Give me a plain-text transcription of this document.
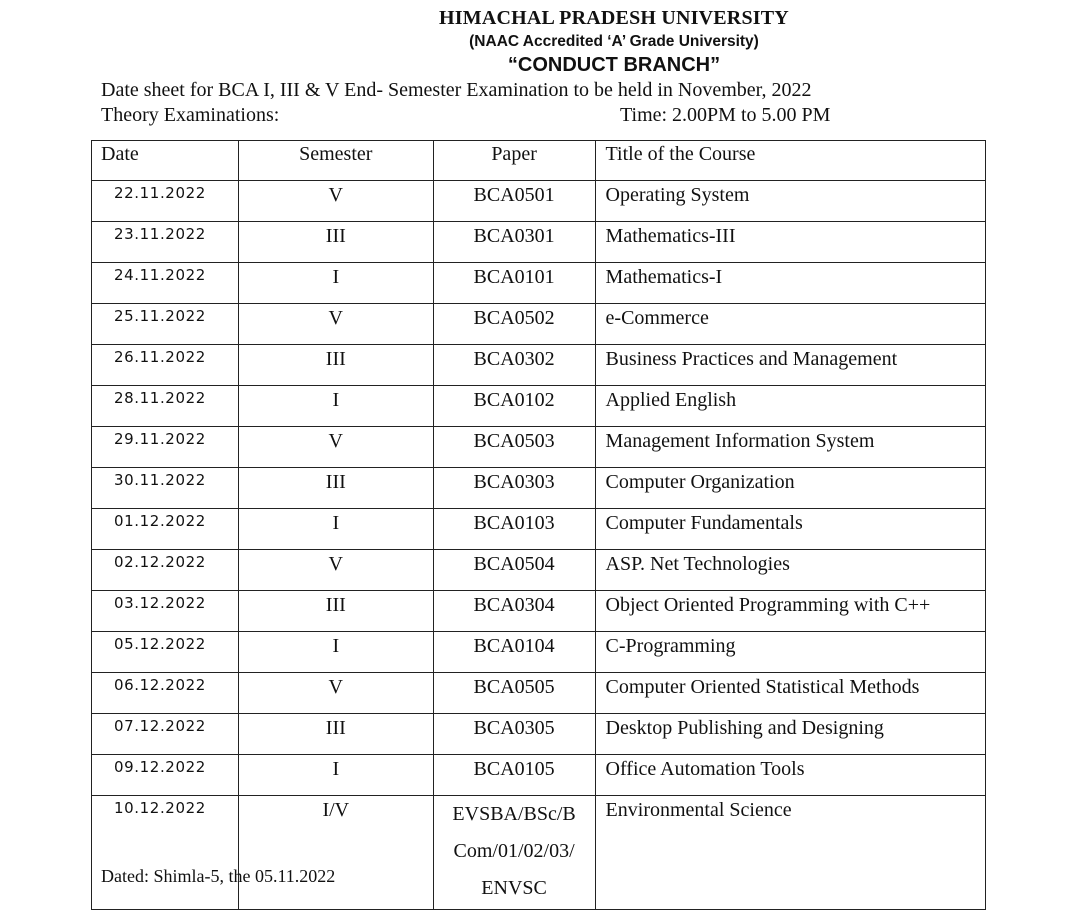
HIMACHAL PRADESH UNIVERSITY
(NAAC Accredited ‘A’ Grade University)
“CONDUCT BRANCH”
Date sheet for BCA I, III & V End- Semester Examination to be held in November, 2022
Theory Examinations:	Time: 2.00PM to 5.00 PM
Date	Semester	Paper	Title of the Course
22.11.2022	V	BCA0501	Operating System
23.11.2022	III	BCA0301	Mathematics-III
24.11.2022	I	BCA0101	Mathematics-I
25.11.2022	V	BCA0502	e-Commerce
26.11.2022	III	BCA0302	Business Practices and Management
28.11.2022	I	BCA0102	Applied English
29.11.2022	V	BCA0503	Management Information System
30.11.2022	III	BCA0303	Computer Organization
01.12.2022	I	BCA0103	Computer Fundamentals
02.12.2022	V	BCA0504	ASP. Net Technologies
03.12.2022	III	BCA0304	Object Oriented Programming with C++
05.12.2022	I	BCA0104	C-Programming
06.12.2022	V	BCA0505	Computer Oriented Statistical Methods
07.12.2022	III	BCA0305	Desktop Publishing and Designing
09.12.2022	I	BCA0105	Office Automation Tools
10.12.2022	I/V	EVSBA/BSc/B
Com/01/02/03/
ENVSC	Environmental Science
Dated: Shimla-5, the 05.11.2022
